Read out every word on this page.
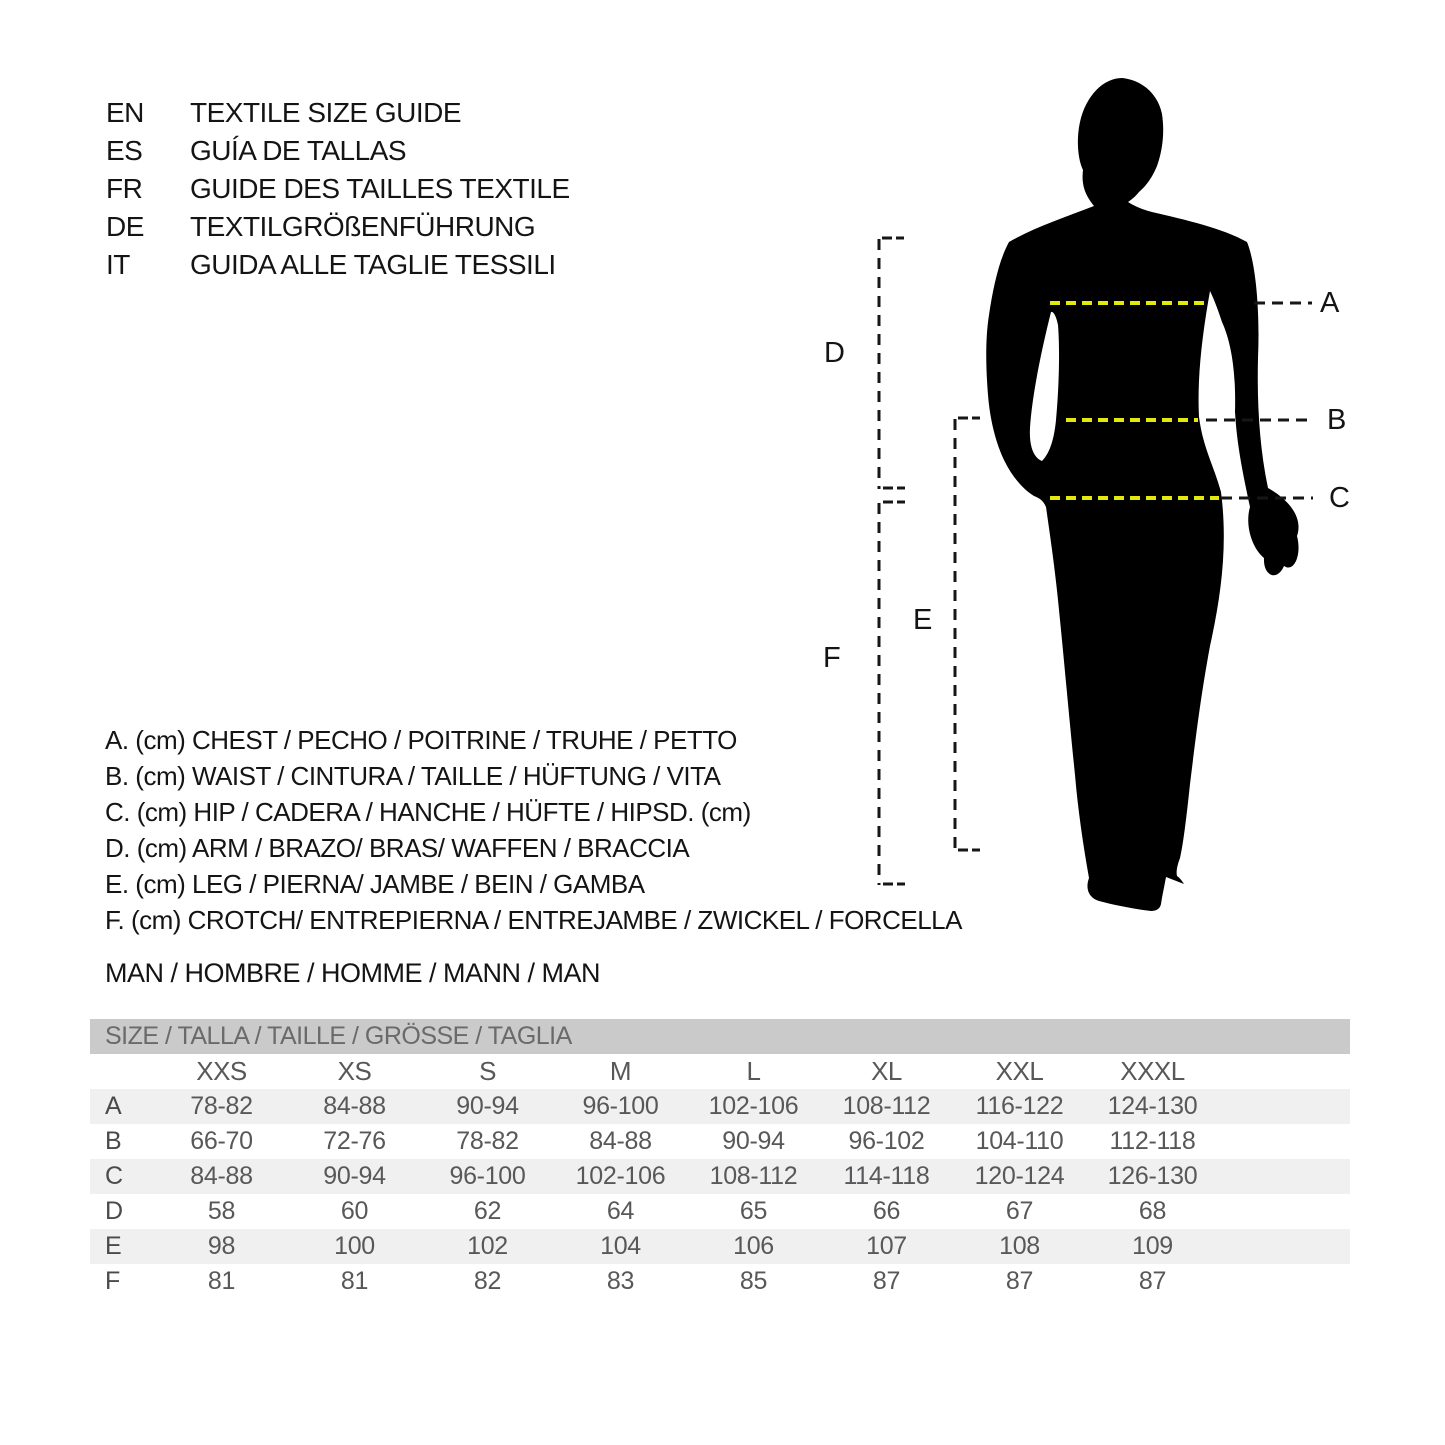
EN TEXTILE SIZE GUIDE
ES GUÍA DE TALLAS
FR GUIDE DES TAILLES TEXTILE
DE TEXTILGRÖßENFÜHRUNG
IT GUIDA ALLE TAGLIE TESSILI
A
B
C
D
E
F
A. (cm) CHEST / PECHO / POITRINE / TRUHE / PETTO
B. (cm) WAIST / CINTURA / TAILLE / HÜFTUNG / VITA
C. (cm) HIP / CADERA / HANCHE / HÜFTE / HIPSD. (cm)
D. (cm) ARM / BRAZO/ BRAS/ WAFFEN / BRACCIA
E. (cm) LEG / PIERNA/ JAMBE / BEIN / GAMBA
F. (cm) CROTCH/ ENTREPIERNA / ENTREJAMBE / ZWICKEL / FORCELLA
MAN / HOMBRE / HOMME / MANN / MAN
SIZE / TALLA / TAILLE / GRÖSSE / TAGLIA
XXS	XS	S	M	L	XL	XXL	XXXL
A	78-82	84-88	90-94	96-100	102-106	108-112	116-122	124-130
B	66-70	72-76	78-82	84-88	90-94	96-102	104-110	112-118
C	84-88	90-94	96-100	102-106	108-112	114-118	120-124	126-130
D	58	60	62	64	65	66	67	68
E	98	100	102	104	106	107	108	109
F	81	81	82	83	85	87	87	87
